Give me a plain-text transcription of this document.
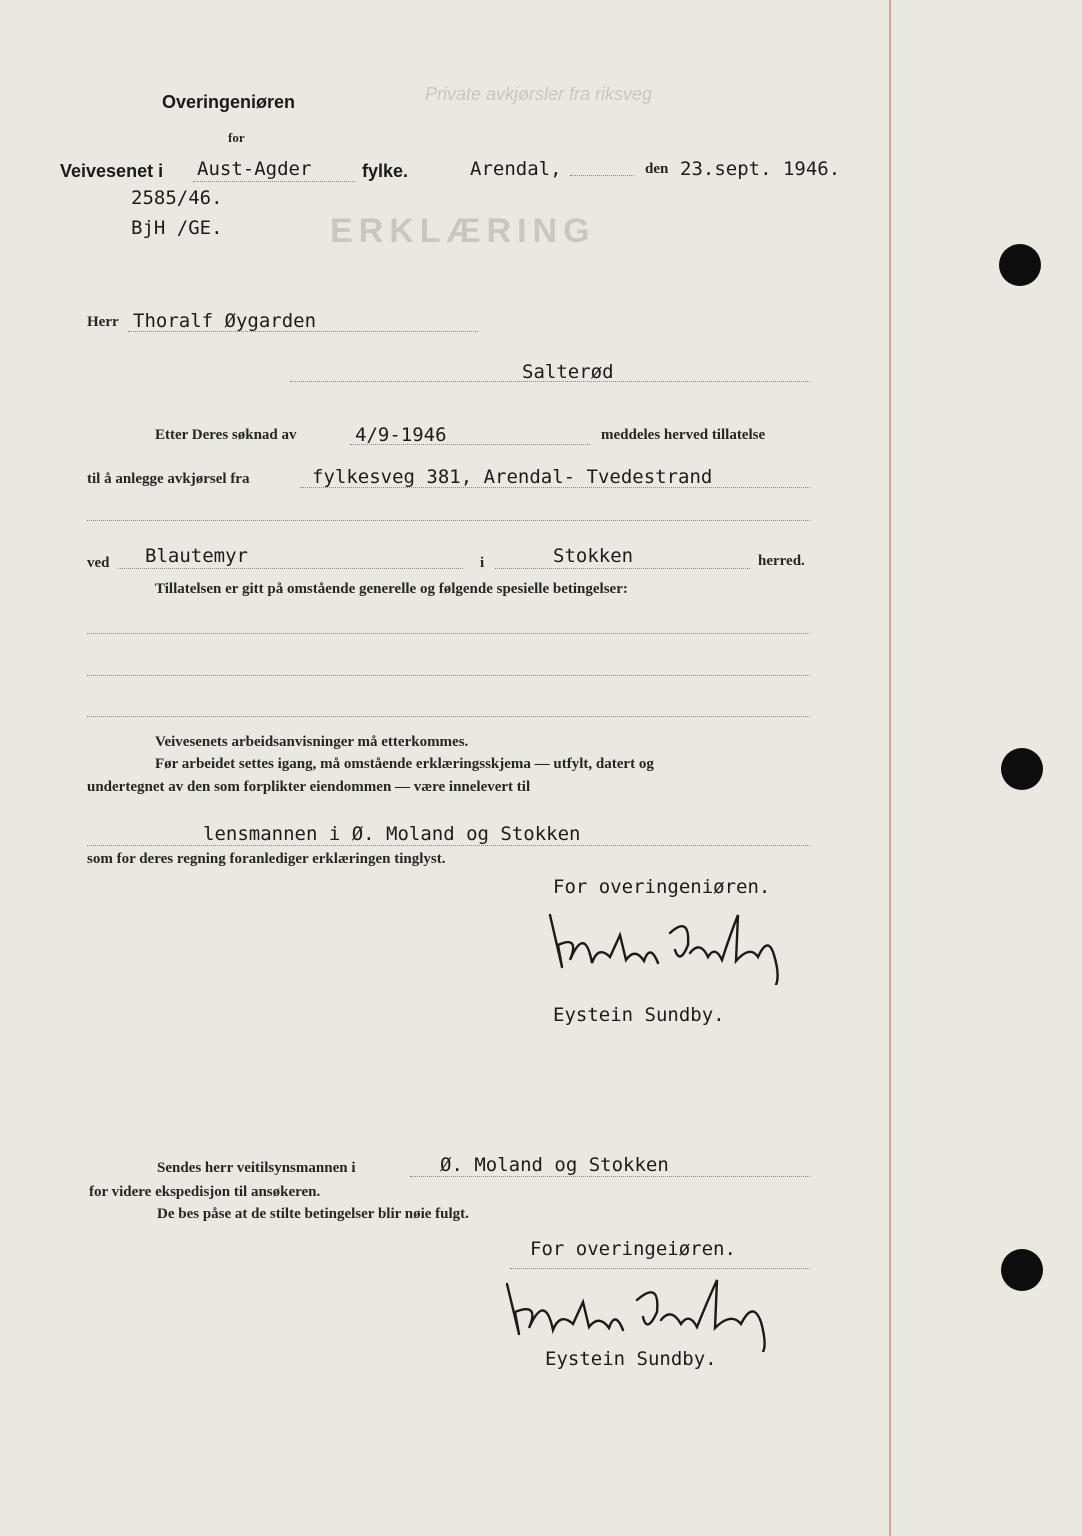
Private avkjørsler fra riksveg
ERKLÆRING
Overingeniøren
for
Veivesenet i Aust-Agder	fylke.	Arendal,	den 23.sept. 1946.
2585/46.
BjH /GE.
Herr Thoralf Øygarden
Salterød
Etter Deres søknad av	4/9-1946	meddeles herved tillatelse
til å anlegge avkjørsel fra	fylkesveg 381, Arendal- Tvedestrand
ved Blautemyr	i	Stokken	herred.
Tillatelsen er gitt på omstående generelle og følgende spesielle betingelser:
Veivesenets arbeidsanvisninger må etterkommes.
Før arbeidet settes igang, må omstående erklæringsskjema — utfylt, datert og
undertegnet av den som forplikter eiendommen — være innelevert til
lensmannen i Ø. Moland og Stokken
som for deres regning foranlediger erklæringen tinglyst.
For overingeniøren.
Eystein Sundby.
Sendes herr veitilsynsmannen i	Ø. Moland og Stokken
for videre ekspedisjon til ansøkeren.
De bes påse at de stilte betingelser blir nøie fulgt.
For overingeiøren.
Eystein Sundby.
